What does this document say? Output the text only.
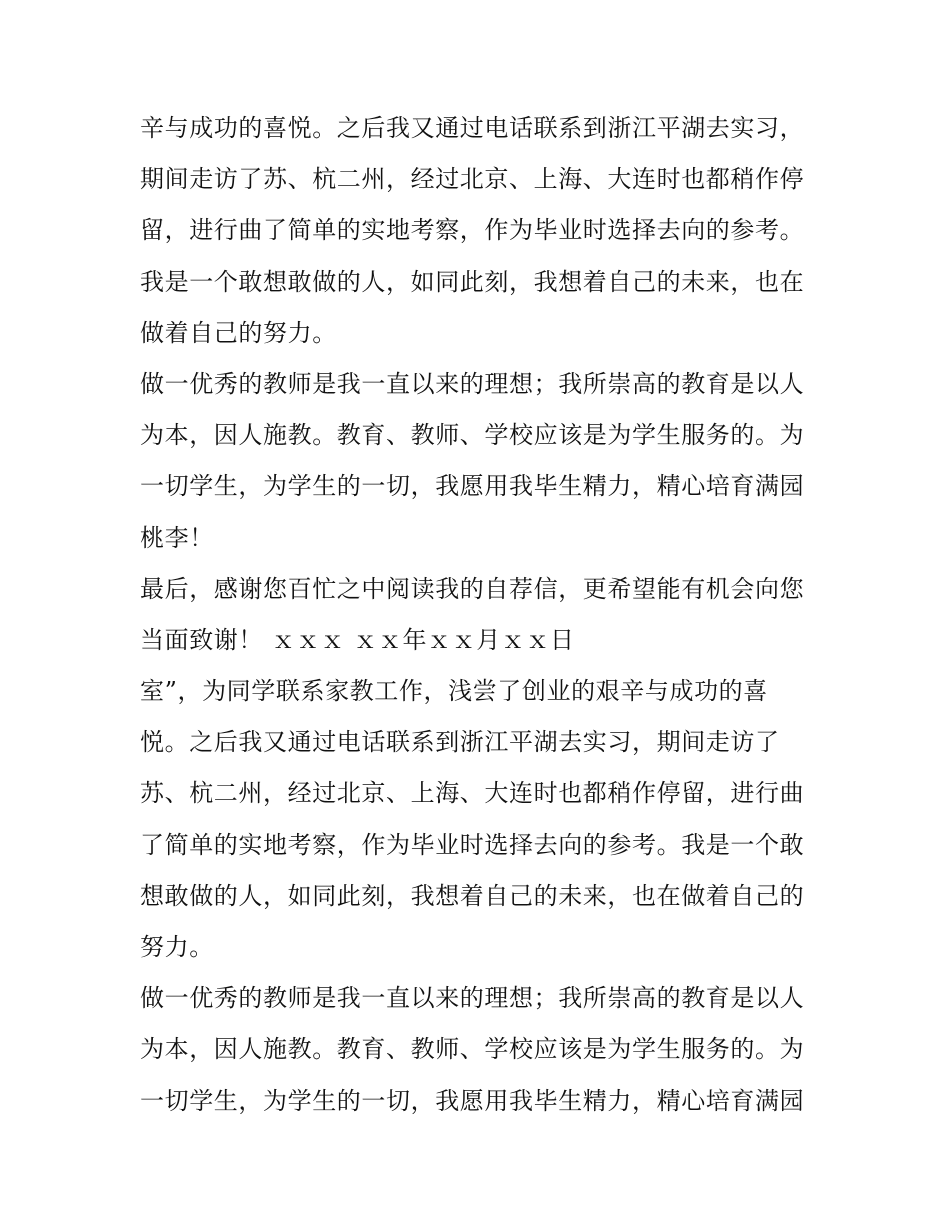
辛与成功的喜悦。之后我又通过电话联系到浙江平湖去实习，
期间走访了苏、杭二州，经过北京、上海、大连时也都稍作停
留，进行曲了简单的实地考察，作为毕业时选择去向的参考。
我是一个敢想敢做的人，如同此刻，我想着自己的未来，也在
做着自己的努力。
做一优秀的教师是我一直以来的理想；我所崇高的教育是以人
为本，因人施教。教育、教师、学校应该是为学生服务的。为
一切学生，为学生的一切，我愿用我毕生精力，精心培育满园
桃李！
最后，感谢您百忙之中阅读我的自荐信，更希望能有机会向您
当面致谢！ ｘｘｘ ｘｘ年ｘｘ月ｘｘ日
室”，为同学联系家教工作，浅尝了创业的艰辛与成功的喜
悦。之后我又通过电话联系到浙江平湖去实习，期间走访了
苏、杭二州，经过北京、上海、大连时也都稍作停留，进行曲
了简单的实地考察，作为毕业时选择去向的参考。我是一个敢
想敢做的人，如同此刻，我想着自己的未来，也在做着自己的
努力。
做一优秀的教师是我一直以来的理想；我所崇高的教育是以人
为本，因人施教。教育、教师、学校应该是为学生服务的。为
一切学生，为学生的一切，我愿用我毕生精力，精心培育满园
